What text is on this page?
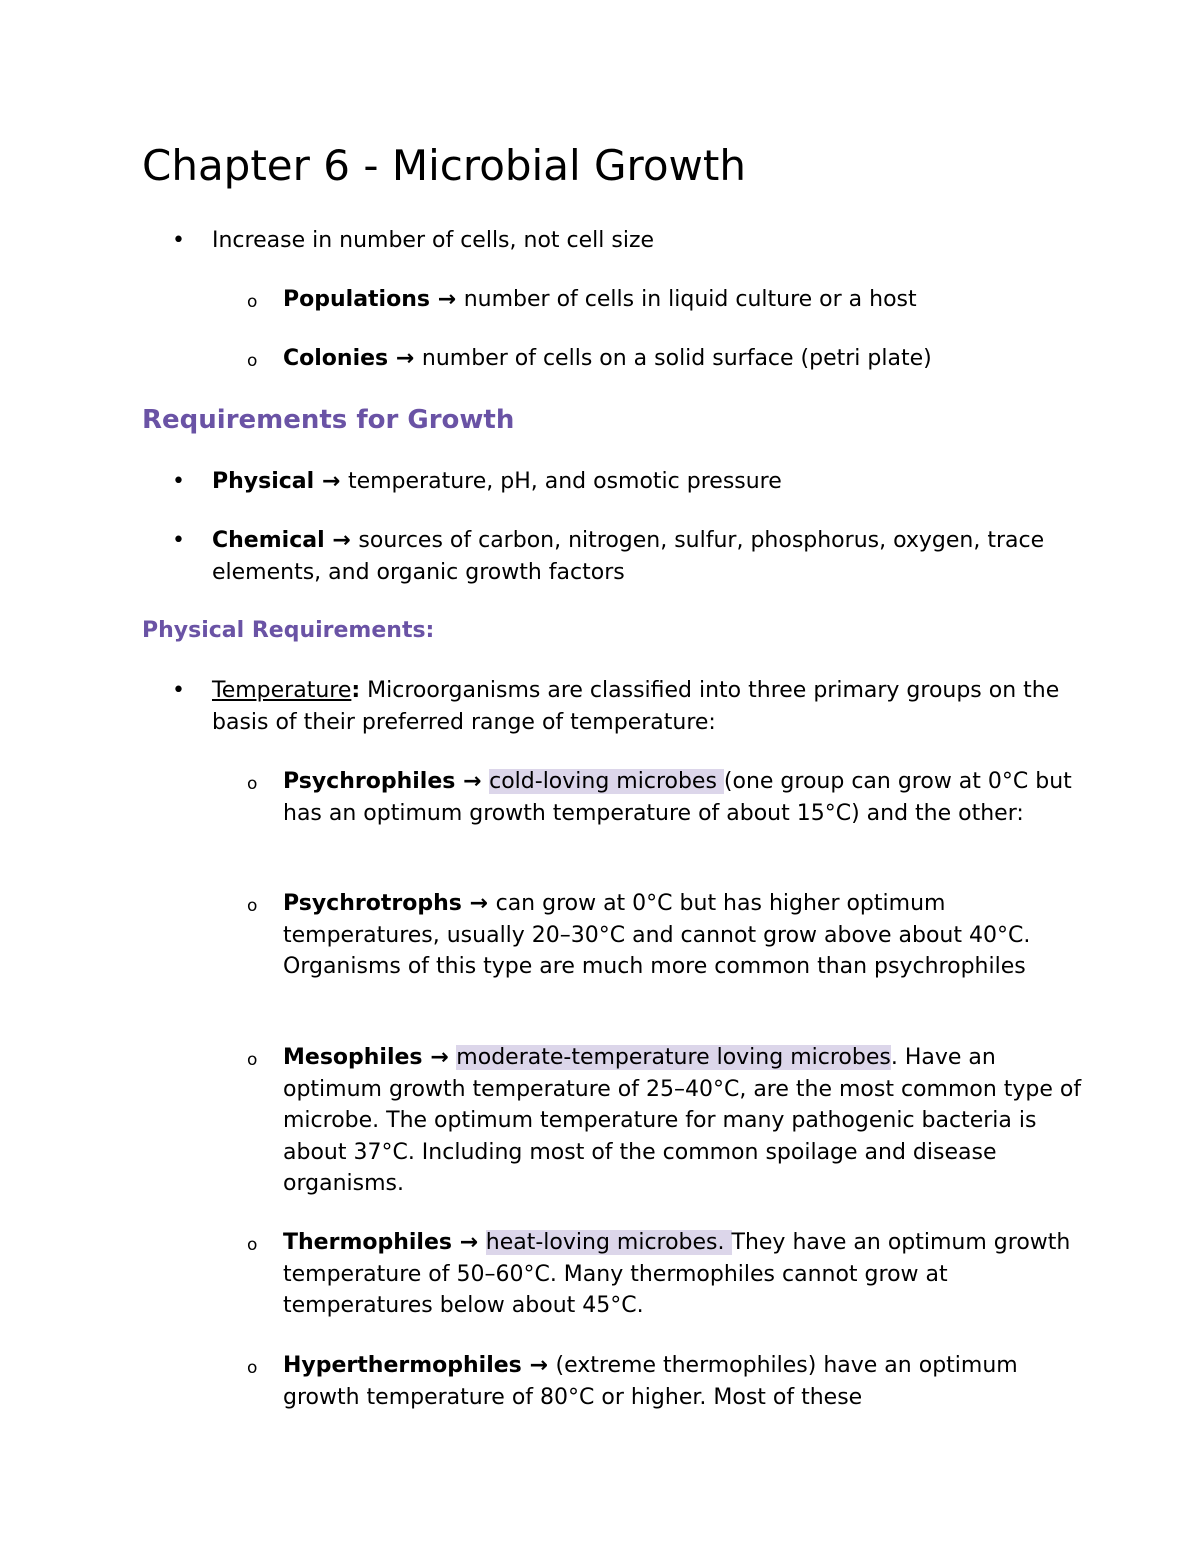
Chapter 6 - Microbial Growth
• Increase in number of cells, not cell size
o Populations → number of cells in liquid culture or a host
o Colonies → number of cells on a solid surface (petri plate)
Requirements for Growth
• Physical → temperature, pH, and osmotic pressure
• Chemical → sources of carbon, nitrogen, sulfur, phosphorus, oxygen, trace elements, and organic growth factors
Physical Requirements:
• Temperature: Microorganisms are classified into three primary groups on the basis of their preferred range of temperature:
o Psychrophiles → cold-loving microbes (one group can grow at 0°C but has an optimum growth temperature of about 15°C) and the other:
o Psychrotrophs → can grow at 0°C but has higher optimum temperatures, usually 20–30°C and cannot grow above about 40°C. Organisms of this type are much more common than psychrophiles
o Mesophiles → moderate-temperature loving microbes. Have an optimum growth temperature of 25–40°C, are the most common type of microbe. The optimum temperature for many pathogenic bacteria is about 37°C. Including most of the common spoilage and disease organisms.
o Thermophiles → heat-loving microbes. They have an optimum growth temperature of 50–60°C. Many thermophiles cannot grow at temperatures below about 45°C.
o Hyperthermophiles → (extreme thermophiles) have an optimum growth temperature of 80°C or higher. Most of these
